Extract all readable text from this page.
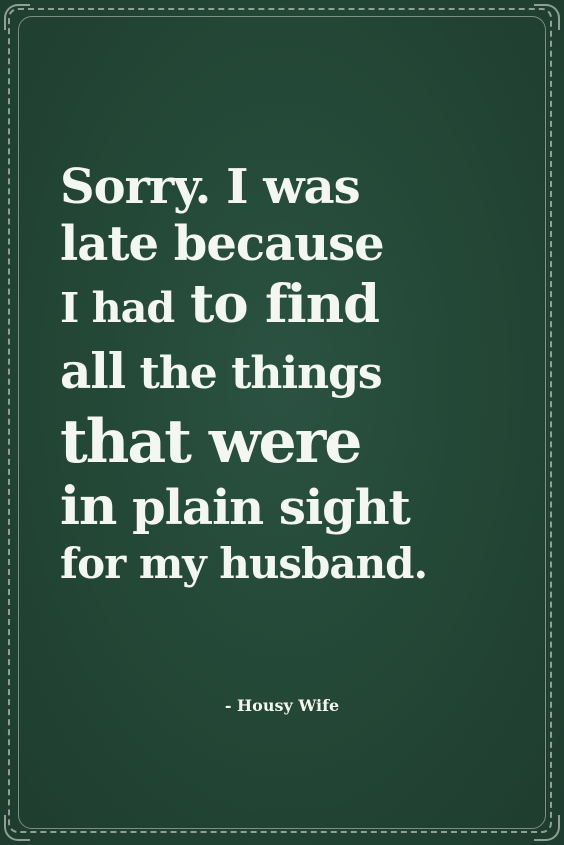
Sorry. I was
late because
I had to find
all the things
that were
in plain sight
for my husband.
- Housy Wife
